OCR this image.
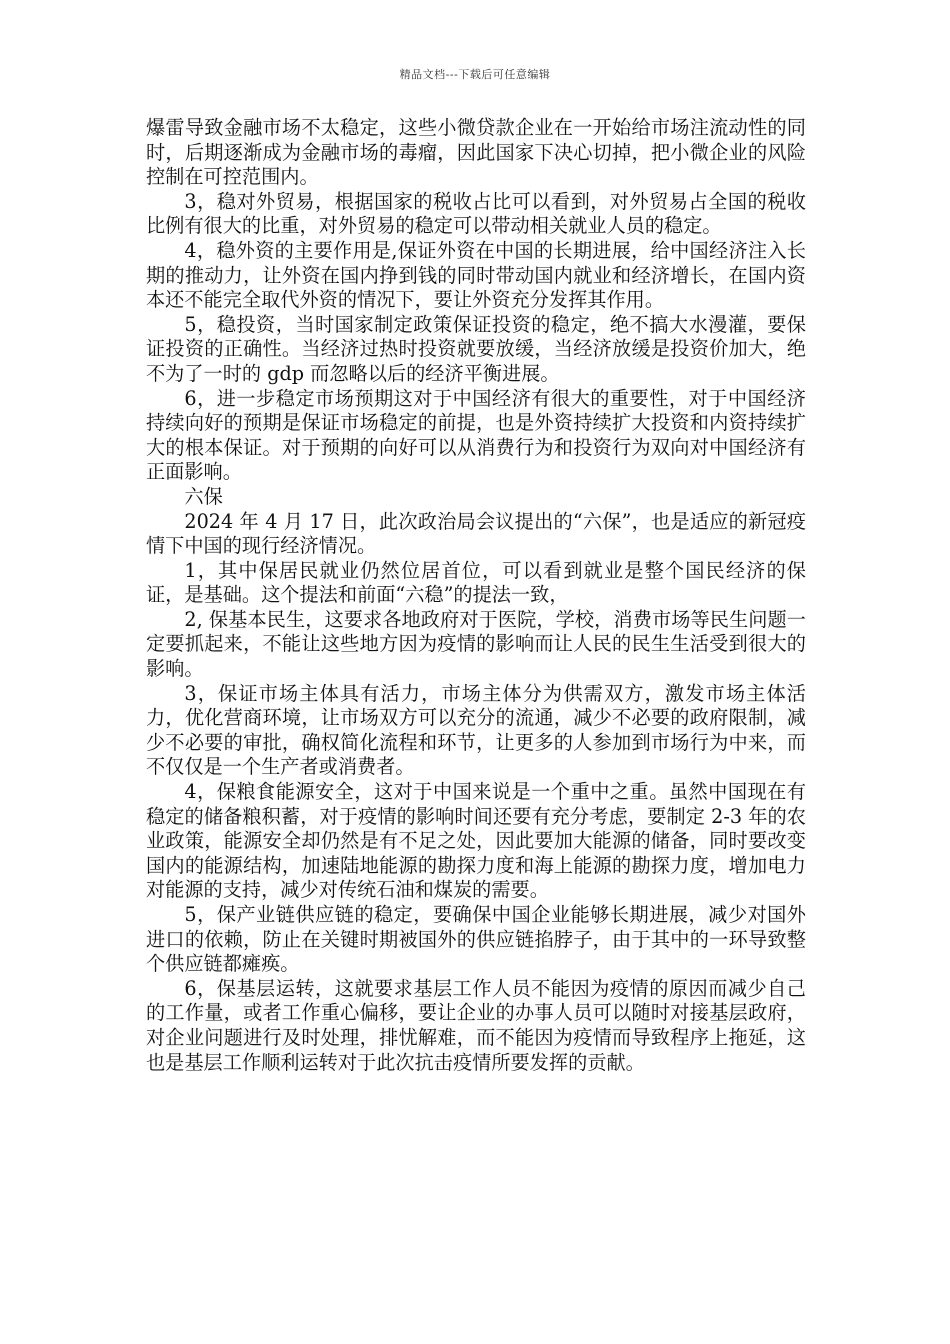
精品文档---下载后可任意编辑

爆雷导致金融市场不太稳定，这些小微贷款企业在一开始给市场注流动性的同时，后期逐渐成为金融市场的毒瘤，因此国家下决心切掉，把小微企业的风险控制在可控范围内。

3，稳对外贸易，根据国家的税收占比可以看到，对外贸易占全国的税收比例有很大的比重，对外贸易的稳定可以带动相关就业人员的稳定。

4，稳外资的主要作用是,保证外资在中国的长期进展，给中国经济注入长期的推动力，让外资在国内挣到钱的同时带动国内就业和经济增长，在国内资本还不能完全取代外资的情况下，要让外资充分发挥其作用。

5，稳投资，当时国家制定政策保证投资的稳定，绝不搞大水漫灌，要保证投资的正确性。当经济过热时投资就要放缓，当经济放缓是投资价加大，绝不为了一时的 gdp 而忽略以后的经济平衡进展。

6，进一步稳定市场预期这对于中国经济有很大的重要性，对于中国经济持续向好的预期是保证市场稳定的前提，也是外资持续扩大投资和内资持续扩大的根本保证。对于预期的向好可以从消费行为和投资行为双向对中国经济有正面影响。

六保

2024 年 4 月 17 日，此次政治局会议提出的“六保”，也是适应的新冠疫情下中国的现行经济情况。

1，其中保居民就业仍然位居首位，可以看到就业是整个国民经济的保证，是基础。这个提法和前面“六稳”的提法一致，

2, 保基本民生，这要求各地政府对于医院，学校，消费市场等民生问题一定要抓起来，不能让这些地方因为疫情的影响而让人民的民生生活受到很大的影响。

3，保证市场主体具有活力，市场主体分为供需双方，激发市场主体活力，优化营商环境，让市场双方可以充分的流通，减少不必要的政府限制，减少不必要的审批，确权简化流程和环节，让更多的人参加到市场行为中来，而不仅仅是一个生产者或消费者。

4，保粮食能源安全，这对于中国来说是一个重中之重。虽然中国现在有稳定的储备粮积蓄，对于疫情的影响时间还要有充分考虑，要制定 2-3 年的农业政策，能源安全却仍然是有不足之处，因此要加大能源的储备，同时要改变国内的能源结构，加速陆地能源的勘探力度和海上能源的勘探力度，增加电力对能源的支持，减少对传统石油和煤炭的需要。

5，保产业链供应链的稳定，要确保中国企业能够长期进展，减少对国外进口的依赖，防止在关键时期被国外的供应链掐脖子，由于其中的一环导致整个供应链都瘫痪。

6，保基层运转，这就要求基层工作人员不能因为疫情的原因而减少自己的工作量，或者工作重心偏移，要让企业的办事人员可以随时对接基层政府，对企业问题进行及时处理，排忧解难，而不能因为疫情而导致程序上拖延，这也是基层工作顺利运转对于此次抗击疫情所要发挥的贡献。
